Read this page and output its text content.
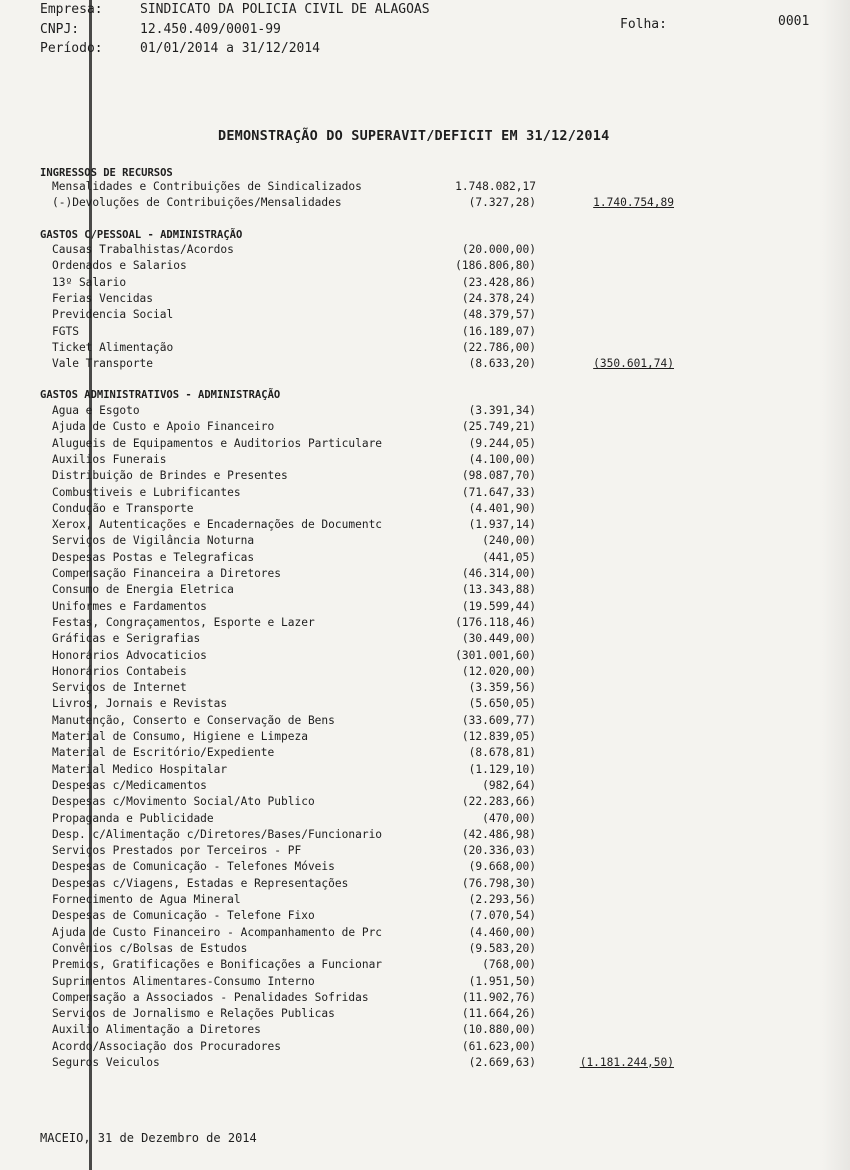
Empresa:	SINDICATO DA POLICIA CIVIL DE ALAGOAS
CNPJ:	12.450.409/0001-99
Período:	01/01/2014 a 31/12/2014
Folha:	0001
DEMONSTRAÇÃO DO SUPERAVIT/DEFICIT EM 31/12/2014
INGRESSOS DE RECURSOS
Mensalidades e Contribuições de Sindicalizados	1.748.082,17
(-)Devoluções de Contribuições/Mensalidades	(7.327,28)	1.740.754,89
GASTOS C/PESSOAL - ADMINISTRAÇÃO
Causas Trabalhistas/Acordos	(20.000,00)
Ordenados e Salarios	(186.806,80)
13º Salario	(23.428,86)
Ferias Vencidas	(24.378,24)
Previdencia Social	(48.379,57)
FGTS	(16.189,07)
Ticket Alimentação	(22.786,00)
Vale Transporte	(8.633,20)	(350.601,74)
GASTOS ADMINISTRATIVOS - ADMINISTRAÇÃO
Agua e Esgoto	(3.391,34)
Ajuda de Custo e Apoio Financeiro	(25.749,21)
Alugueis de Equipamentos e Auditorios Particulare	(9.244,05)
Auxilios Funerais	(4.100,00)
Distribuição de Brindes e Presentes	(98.087,70)
Combustiveis e Lubrificantes	(71.647,33)
Condução e Transporte	(4.401,90)
Xerox, Autenticações e Encadernações de Documentc	(1.937,14)
Serviços de Vigilância Noturna	(240,00)
Despesas Postas e Telegraficas	(441,05)
Compensação Financeira a Diretores	(46.314,00)
Consumo de Energia Eletrica	(13.343,88)
Uniformes e Fardamentos	(19.599,44)
Festas, Congraçamentos, Esporte e Lazer	(176.118,46)
Gráficas e Serigrafias	(30.449,00)
Honorários Advocaticios	(301.001,60)
Honorários Contabeis	(12.020,00)
Serviços de Internet	(3.359,56)
Livros, Jornais e Revistas	(5.650,05)
Manutenção, Conserto e Conservação de Bens	(33.609,77)
Material de Consumo, Higiene e Limpeza	(12.839,05)
Material de Escritório/Expediente	(8.678,81)
Material Medico Hospitalar	(1.129,10)
Despesas c/Medicamentos	(982,64)
Despesas c/Movimento Social/Ato Publico	(22.283,66)
Propaganda e Publicidade	(470,00)
Desp. c/Alimentação c/Diretores/Bases/Funcionario	(42.486,98)
Serviços Prestados por Terceiros - PF	(20.336,03)
Despesas de Comunicação - Telefones Móveis	(9.668,00)
Despesas c/Viagens, Estadas e Representações	(76.798,30)
Fornecimento de Agua Mineral	(2.293,56)
Despesas de Comunicação - Telefone Fixo	(7.070,54)
Ajuda de Custo Financeiro - Acompanhamento de Prc	(4.460,00)
Convênios c/Bolsas de Estudos	(9.583,20)
Premios, Gratificações e Bonificações a Funcionar	(768,00)
Suprimentos Alimentares-Consumo Interno	(1.951,50)
Compensação a Associados - Penalidades Sofridas	(11.902,76)
Serviços de Jornalismo e Relações Publicas	(11.664,26)
Auxilio Alimentação a Diretores	(10.880,00)
Acordo/Associação dos Procuradores	(61.623,00)
Seguros Veiculos	(2.669,63)	(1.181.244,50)
MACEIO, 31 de Dezembro de 2014
